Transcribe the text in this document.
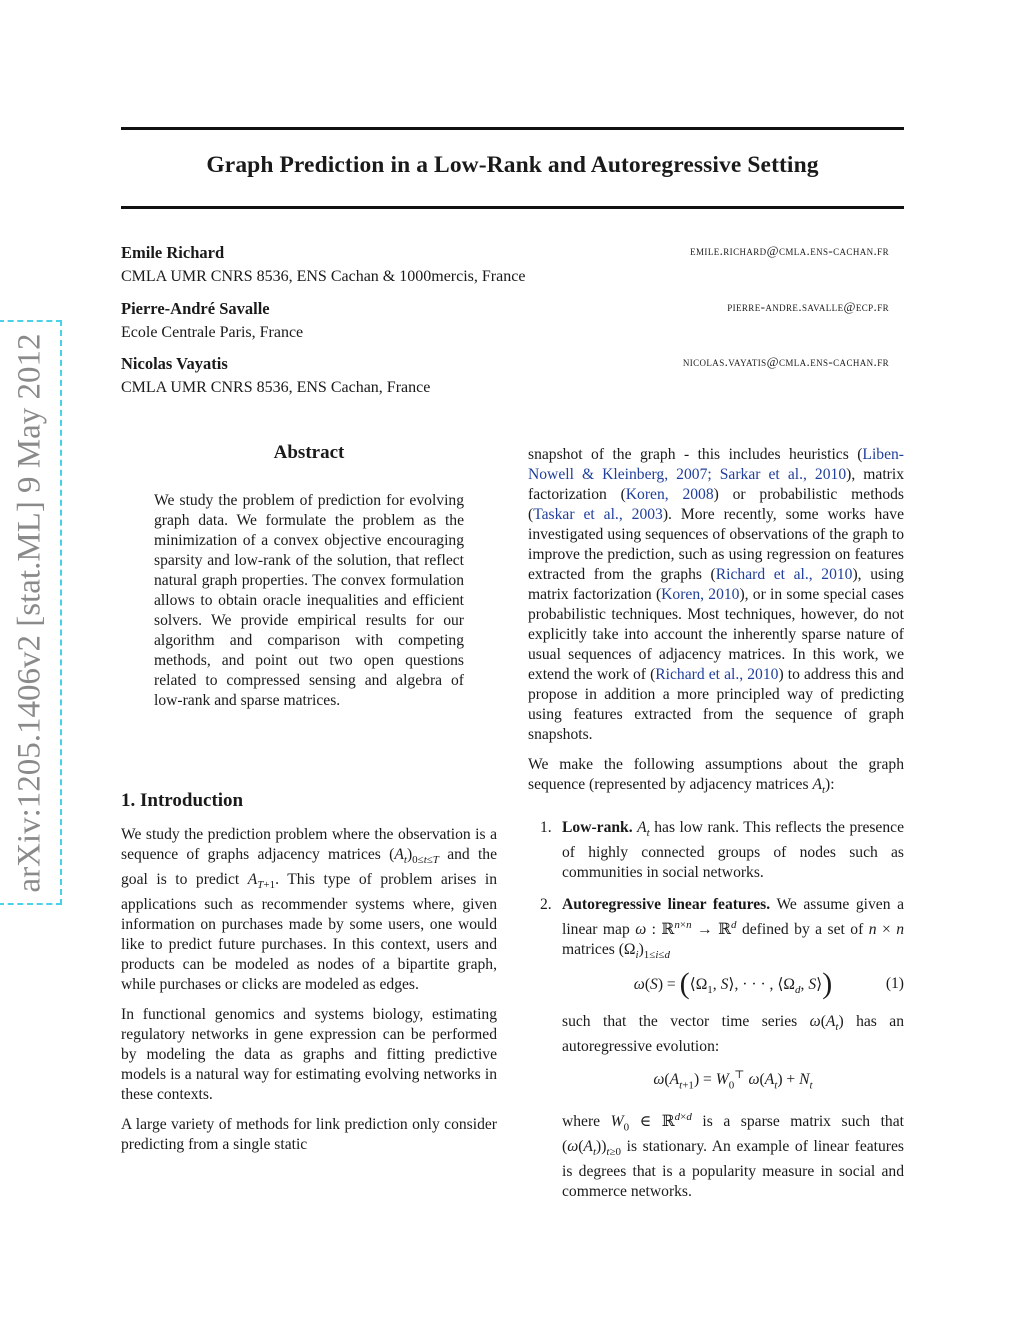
arXiv:1205.1406v2 [stat.ML] 9 May 2012
Graph Prediction in a Low-Rank and Autoregressive Setting
Emile Richard
CMLA UMR CNRS 8536, ENS Cachan & 1000mercis, France
emile.richard@cmla.ens-cachan.fr
Pierre-André Savalle
Ecole Centrale Paris, France
pierre-andre.savalle@ecp.fr
Nicolas Vayatis
CMLA UMR CNRS 8536, ENS Cachan, France
nicolas.vayatis@cmla.ens-cachan.fr
Abstract
We study the problem of prediction for evolving graph data. We formulate the problem as the minimization of a convex objective encouraging sparsity and low-rank of the solution, that reflect natural graph properties. The convex formulation allows to obtain oracle inequalities and efficient solvers. We provide empirical results for our algorithm and comparison with competing methods, and point out two open questions related to compressed sensing and algebra of low-rank and sparse matrices.
1. Introduction

We study the prediction problem where the observation is a sequence of graphs adjacency matrices $(A_t)_{0\le t\le T}$ and the goal is to predict $A_{T+1}$. This type of problem arises in applications such as recommender systems where, given information on purchases made by some users, one would like to predict future purchases. In this context, users and products can be modeled as nodes of a bipartite graph, while purchases or clicks are modeled as edges.

In functional genomics and systems biology, estimating regulatory networks in gene expression can be performed by modeling the data as graphs and fitting predictive models is a natural way for estimating evolving networks in these contexts.

A large variety of methods for link prediction only consider predicting from a single static

snapshot of the graph - this includes heuristics (Liben-Nowell & Kleinberg, 2007; Sarkar et al., 2010), matrix factorization (Koren, 2008) or probabilistic methods (Taskar et al., 2003). More recently, some works have investigated using sequences of observations of the graph to improve the prediction, such as using regression on features extracted from the graphs (Richard et al., 2010), using matrix factorization (Koren, 2010), or in some special cases probabilistic techniques. Most techniques, however, do not explicitly take into account the inherently sparse nature of usual sequences of adjacency matrices. In this work, we extend the work of (Richard et al., 2010) to address this and propose in addition a more principled way of predicting using features extracted from the sequence of graph snapshots.

We make the following assumptions about the graph sequence (represented by adjacency matrices $A_t$):

1. Low-rank. $A_t$ has low rank. This reflects the presence of highly connected groups of nodes such as communities in social networks.
2. Autoregressive linear features. We assume given a linear map ω : ℝ$^{n\times n}$ → ℝ$^d$ defined by a set of n × n matrices $(\Omega_i)_{1\le i\le d}$
$\omega(S) = (⟨\Omega_1$, S⟩, · · · , $⟨\Omega_d$, S⟩)	(1)
such that the vector time series $\omega(A_t)$ has an autoregressive evolution:
$\omega(A_{t+1}) = W_0^⊤$ $\omega(A_t) + N_t$
where $W_0$ ∈ ℝ$^{d\times d}$ is a sparse matrix such that $(\omega(A_t))_{t\ge 0}$ is stationary. An example of linear features is degrees that is a popularity measure in social and commerce networks.
